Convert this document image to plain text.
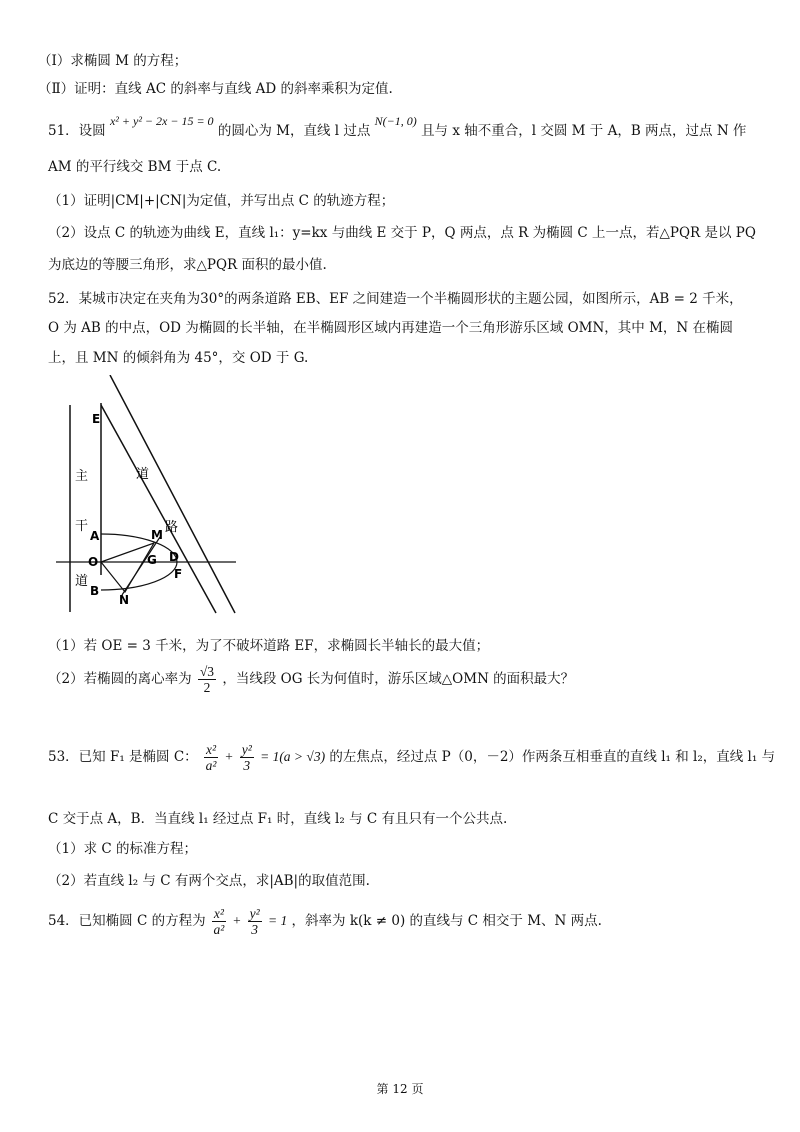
（Ⅰ）求椭圆 M 的方程；
（Ⅱ）证明：直线 AC 的斜率与直线 AD 的斜率乘积为定值.
51．设圆 x² + y² − 2x − 15 = 0 的圆心为 M，直线 l 过点 N(−1, 0) 且与 x 轴不重合，l 交圆 M 于 A，B 两点，过点 N 作
AM 的平行线交 BM 于点 C.
（1）证明|CM|+|CN|为定值，并写出点 C 的轨迹方程；
（2）设点 C 的轨迹为曲线 E，直线 l₁：y=kx 与曲线 E 交于 P，Q 两点，点 R 为椭圆 C 上一点，若△PQR 是以 PQ
为底边的等腰三角形，求△PQR 面积的最小值.
52．某城市决定在夹角为30°的两条道路 EB、EF 之间建造一个半椭圆形状的主题公园，如图所示，AB = 2 千米，
O 为 AB 的中点，OD 为椭圆的长半轴，在半椭圆形区域内再建造一个三角形游乐区域 OMN，其中 M，N 在椭圆
上，且 MN 的倾斜角为 45°，交 OD 于 G.
E
A
O
B
M
G D
F
N
主
干
道
道
路
（1）若 OE = 3 千米，为了不破坏道路 EF，求椭圆长半轴长的最大值；
（2）若椭圆的离心率为 $\frac{√3}{2}$ ，当线段 OG 长为何值时，游乐区域△OMN 的面积最大？
53．已知 F₁ 是椭圆 C： $\frac{\text{x²}}{\text{a²}} + \frac{\text{y²}}{3} = 1(a > √3)$ 的左焦点，经过点 P（0，－2）作两条互相垂直的直线 l₁ 和 l₂，直线 l₁ 与
C 交于点 A，B．当直线 l₁ 经过点 F₁ 时，直线 l₂ 与 C 有且只有一个公共点.
（1）求 C 的标准方程；
（2）若直线 l₂ 与 C 有两个交点，求|AB|的取值范围.
54．已知椭圆 C 的方程为 $\frac{\text{x²}}{\text{a²}} + \frac{\text{y²}}{3} = 1$ ，斜率为 k(k ≠ 0) 的直线与 C 相交于 M、N 两点.
第 12 页
